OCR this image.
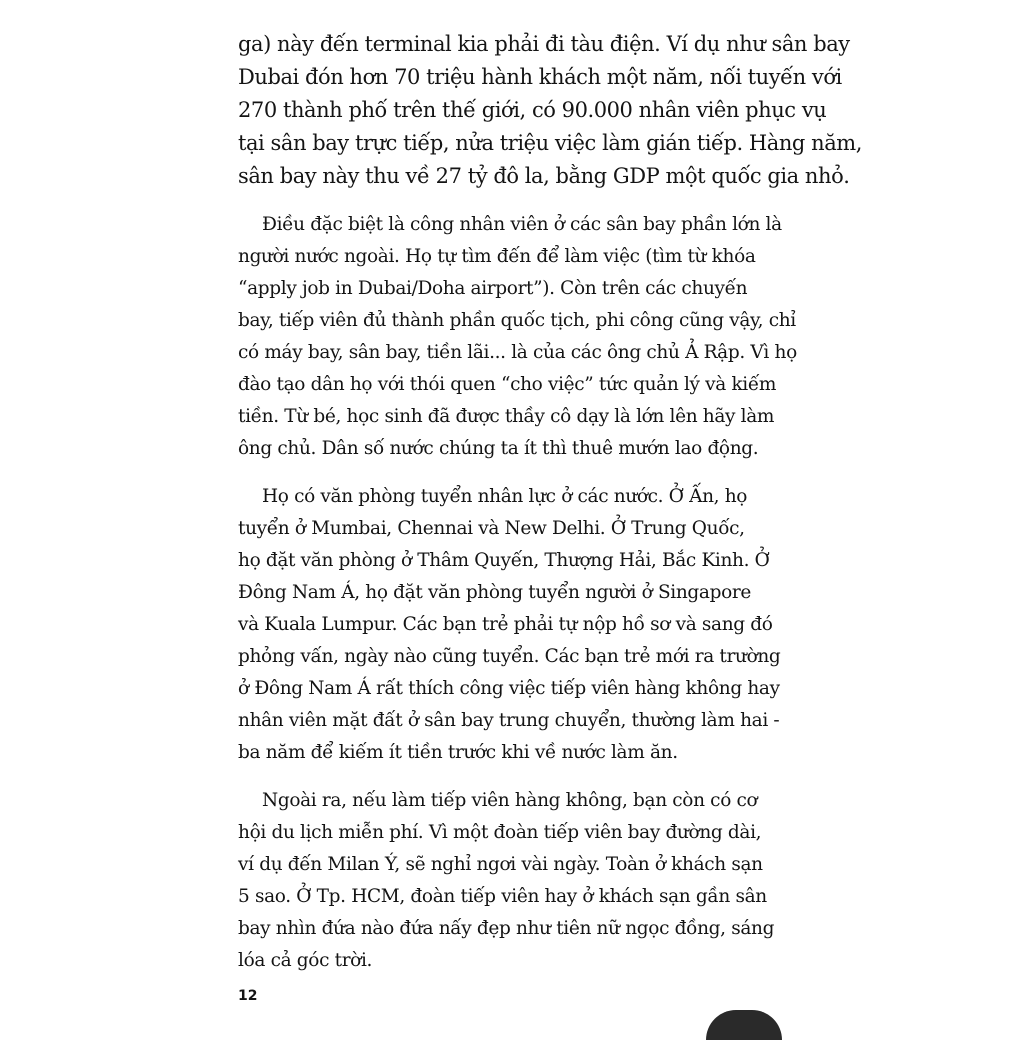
ga) này đến terminal kia phải đi tàu điện. Ví dụ như sân bay
Dubai đón hơn 70 triệu hành khách một năm, nối tuyến với
270 thành phố trên thế giới, có 90.000 nhân viên phục vụ
tại sân bay trực tiếp, nửa triệu việc làm gián tiếp. Hàng năm,
sân bay này thu về 27 tỷ đô la, bằng GDP một quốc gia nhỏ.

Điều đặc biệt là công nhân viên ở các sân bay phần lớn là
người nước ngoài. Họ tự tìm đến để làm việc (tìm từ khóa
“apply job in Dubai/Doha airport”). Còn trên các chuyến
bay, tiếp viên đủ thành phần quốc tịch, phi công cũng vậy, chỉ
có máy bay, sân bay, tiền lãi... là của các ông chủ Ả Rập. Vì họ
đào tạo dân họ với thói quen “cho việc” tức quản lý và kiếm
tiền. Từ bé, học sinh đã được thầy cô dạy là lớn lên hãy làm
ông chủ. Dân số nước chúng ta ít thì thuê mướn lao động.

Họ có văn phòng tuyển nhân lực ở các nước. Ở Ấn, họ
tuyển ở Mumbai, Chennai và New Delhi. Ở Trung Quốc,
họ đặt văn phòng ở Thâm Quyến, Thượng Hải, Bắc Kinh. Ở
Đông Nam Á, họ đặt văn phòng tuyển người ở Singapore
và Kuala Lumpur. Các bạn trẻ phải tự nộp hồ sơ và sang đó
phỏng vấn, ngày nào cũng tuyển. Các bạn trẻ mới ra trường
ở Đông Nam Á rất thích công việc tiếp viên hàng không hay
nhân viên mặt đất ở sân bay trung chuyển, thường làm hai -
ba năm để kiếm ít tiền trước khi về nước làm ăn.

Ngoài ra, nếu làm tiếp viên hàng không, bạn còn có cơ
hội du lịch miễn phí. Vì một đoàn tiếp viên bay đường dài,
ví dụ đến Milan Ý, sẽ nghỉ ngơi vài ngày. Toàn ở khách sạn
5 sao. Ở Tp. HCM, đoàn tiếp viên hay ở khách sạn gần sân
bay nhìn đứa nào đứa nấy đẹp như tiên nữ ngọc đồng, sáng
lóa cả góc trời.

12
